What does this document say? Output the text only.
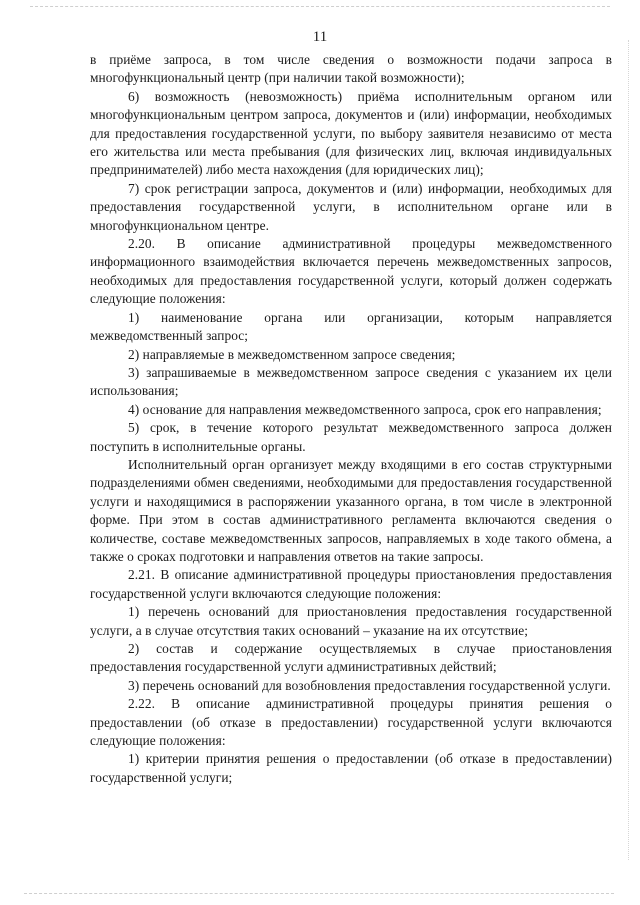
11

в приёме запроса, в том числе сведения о возможности подачи запроса в многофункциональный центр (при наличии такой возможности);

6) возможность (невозможность) приёма исполнительным органом или многофункциональным центром запроса, документов и (или) информации, необходимых для предоставления государственной услуги, по выбору заявителя независимо от места его жительства или места пребывания (для физических лиц, включая индивидуальных предпринимателей) либо места нахождения (для юридических лиц);

7) срок регистрации запроса, документов и (или) информации, необходимых для предоставления государственной услуги, в исполнительном органе или в многофункциональном центре.

2.20. В описание административной процедуры межведомственного информационного взаимодействия включается перечень межведомственных запросов, необходимых для предоставления государственной услуги, который должен содержать следующие положения:

1) наименование органа или организации, которым направляется межведомственный запрос;

2) направляемые в межведомственном запросе сведения;

3) запрашиваемые в межведомственном запросе сведения с указанием их цели использования;

4) основание для направления межведомственного запроса, срок его направления;

5) срок, в течение которого результат межведомственного запроса должен поступить в исполнительные органы.

Исполнительный орган организует между входящими в его состав структурными подразделениями обмен сведениями, необходимыми для предоставления государственной услуги и находящимися в распоряжении указанного органа, в том числе в электронной форме. При этом в состав административного регламента включаются сведения о количестве, составе межведомственных запросов, направляемых в ходе такого обмена, а также о сроках подготовки и направления ответов на такие запросы.

2.21. В описание административной процедуры приостановления предоставления государственной услуги включаются следующие положения:

1) перечень оснований для приостановления предоставления государственной услуги, а в случае отсутствия таких оснований – указание на их отсутствие;

2) состав и содержание осуществляемых в случае приостановления предоставления государственной услуги административных действий;

3) перечень оснований для возобновления предоставления государственной услуги.

2.22. В описание административной процедуры принятия решения о предоставлении (об отказе в предоставлении) государственной услуги включаются следующие положения:

1) критерии принятия решения о предоставлении (об отказе в предоставлении) государственной услуги;
